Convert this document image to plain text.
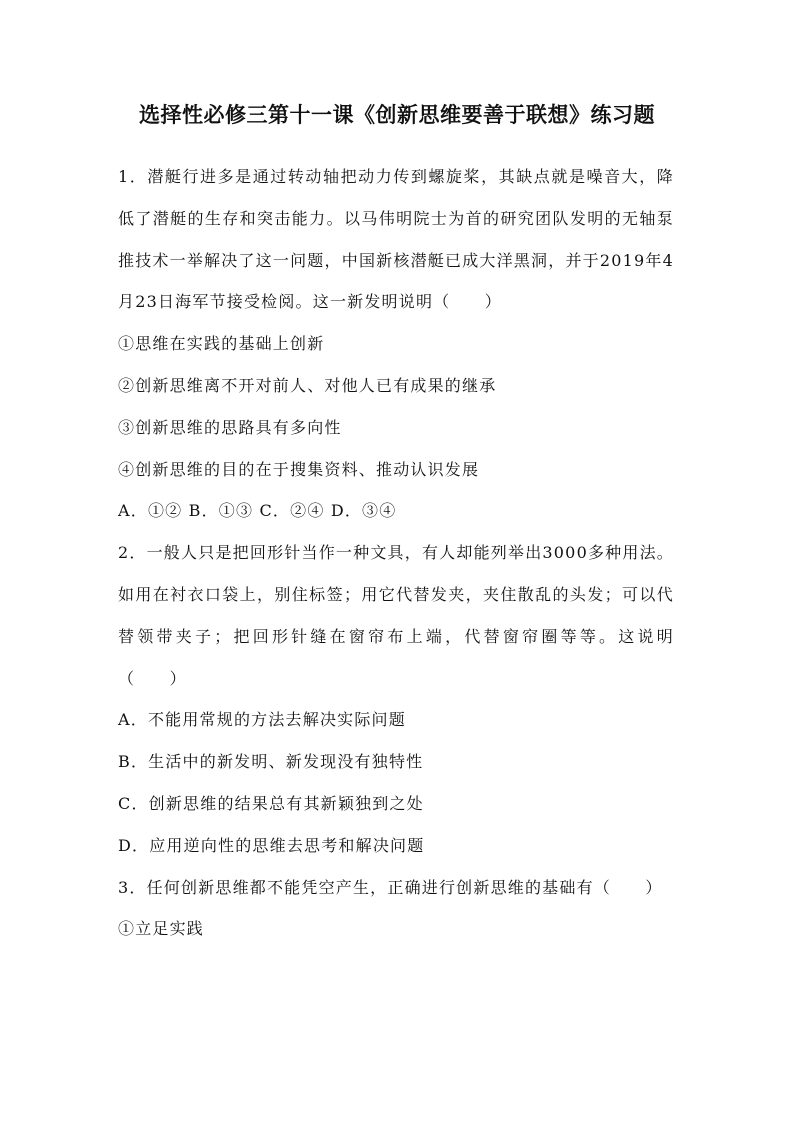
选择性必修三第十一课《创新思维要善于联想》练习题

1．潜艇行进多是通过转动轴把动力传到螺旋桨，其缺点就是噪音大，降低了潜艇的生存和突击能力。以马伟明院士为首的研究团队发明的无轴泵推技术一举解决了这一问题，中国新核潜艇已成大洋黑洞，并于2019年4月23日海军节接受检阅。这一新发明说明（　　）

①思维在实践的基础上创新

②创新思维离不开对前人、对他人已有成果的继承

③创新思维的思路具有多向性

④创新思维的目的在于搜集资料、推动认识发展

A．①② B．①③ C．②④ D．③④

2．一般人只是把回形针当作一种文具，有人却能列举出3000多种用法。如用在衬衣口袋上，别住标签；用它代替发夹，夹住散乱的头发；可以代替领带夹子；把回形针缝在窗帘布上端，代替窗帘圈等等。这说明（　　）

A．不能用常规的方法去解决实际问题

B．生活中的新发明、新发现没有独特性

C．创新思维的结果总有其新颖独到之处

D．应用逆向性的思维去思考和解决问题

3．任何创新思维都不能凭空产生，正确进行创新思维的基础有（　　）

①立足实践
